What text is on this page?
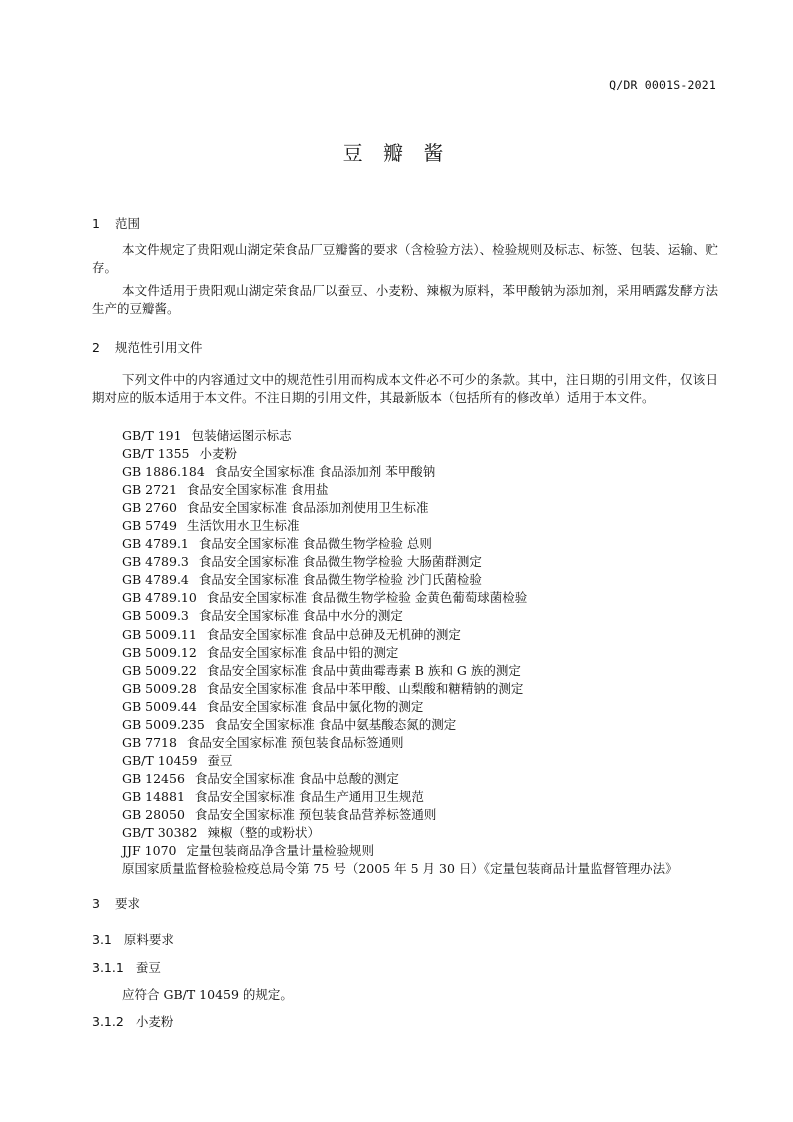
Q/DR 0001S-2021
豆 瓣 酱
1 范围
本文件规定了贵阳观山湖定荣食品厂豆瓣酱的要求（含检验方法）、检验规则及标志、标签、包装、运输、贮存。
本文件适用于贵阳观山湖定荣食品厂以蚕豆、小麦粉、辣椒为原料，苯甲酸钠为添加剂，采用晒露发酵方法生产的豆瓣酱。
2 规范性引用文件
下列文件中的内容通过文中的规范性引用而构成本文件必不可少的条款。其中，注日期的引用文件，仅该日期对应的版本适用于本文件。不注日期的引用文件，其最新版本（包括所有的修改单）适用于本文件。
GB/T 191 包装储运图示标志
GB/T 1355 小麦粉
GB 1886.184 食品安全国家标准 食品添加剂 苯甲酸钠
GB 2721 食品安全国家标准 食用盐
GB 2760 食品安全国家标准 食品添加剂使用卫生标准
GB 5749 生活饮用水卫生标准
GB 4789.1 食品安全国家标准 食品微生物学检验 总则
GB 4789.3 食品安全国家标准 食品微生物学检验 大肠菌群测定
GB 4789.4 食品安全国家标准 食品微生物学检验 沙门氏菌检验
GB 4789.10 食品安全国家标准 食品微生物学检验 金黄色葡萄球菌检验
GB 5009.3 食品安全国家标准 食品中水分的测定
GB 5009.11 食品安全国家标准 食品中总砷及无机砷的测定
GB 5009.12 食品安全国家标准 食品中铅的测定
GB 5009.22 食品安全国家标准 食品中黄曲霉毒素 B 族和 G 族的测定
GB 5009.28 食品安全国家标准 食品中苯甲酸、山梨酸和糖精钠的测定
GB 5009.44 食品安全国家标准 食品中氯化物的测定
GB 5009.235 食品安全国家标准 食品中氨基酸态氮的测定
GB 7718 食品安全国家标准 预包装食品标签通则
GB/T 10459 蚕豆
GB 12456 食品安全国家标准 食品中总酸的测定
GB 14881 食品安全国家标准 食品生产通用卫生规范
GB 28050 食品安全国家标准 预包装食品营养标签通则
GB/T 30382 辣椒（整的或粉状）
JJF 1070 定量包装商品净含量计量检验规则
原国家质量监督检验检疫总局令第 75 号（2005 年 5 月 30 日）《定量包装商品计量监督管理办法》
3 要求
3.1 原料要求
3.1.1 蚕豆
应符合 GB/T 10459 的规定。
3.1.2 小麦粉
